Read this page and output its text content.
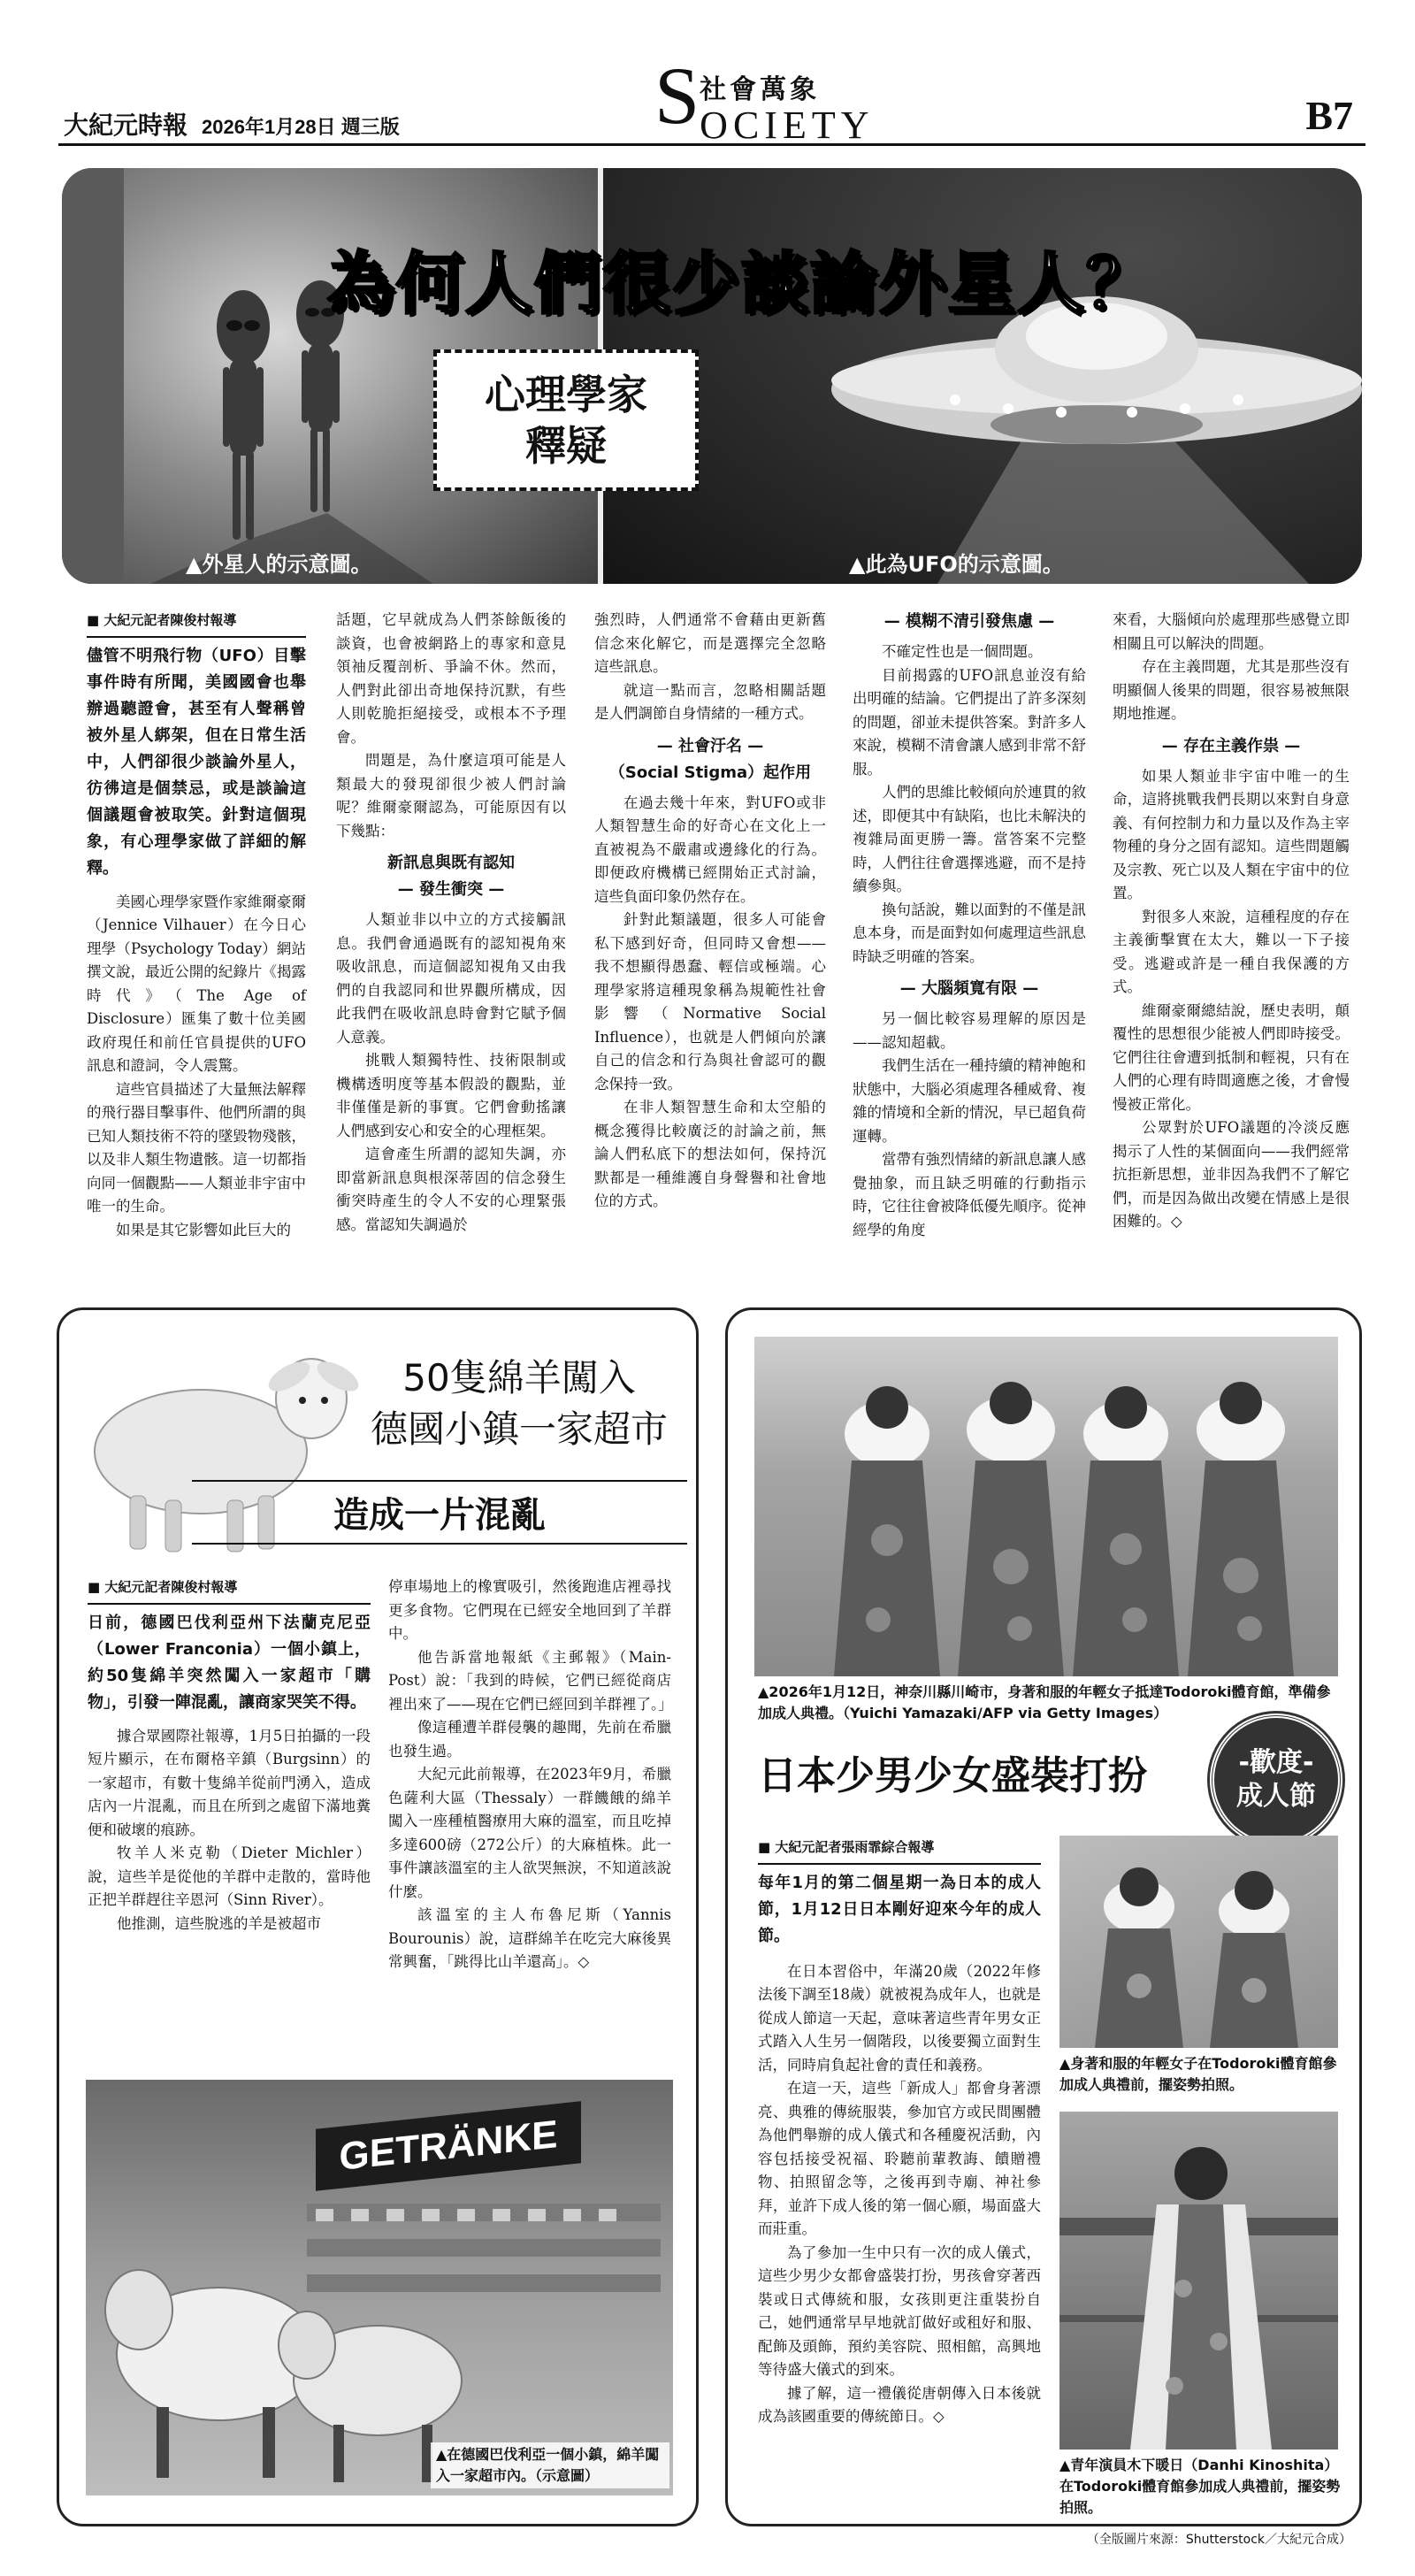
大紀元時報 2026年1月28日 週三版	S 社會萬象
OCIETY	B7
為何人們很少談論外星人？
心理學家
釋疑
▲外星人的示意圖。	▲此為UFO的示意圖。
■ 大紀元記者陳俊村報導
儘管不明飛行物（UFO）目擊事件時有所聞，美國國會也舉辦過聽證會，甚至有人聲稱曾被外星人綁架，但在日常生活中，人們卻很少談論外星人，彷彿這是個禁忌，或是談論這個議題會被取笑。針對這個現象，有心理學家做了詳細的解釋。

美國心理學家暨作家維爾豪爾（Jennice Vilhauer）在今日心理學（Psychology Today）網站撰文說，最近公開的紀錄片《揭露時代》（The Age of Disclosure）匯集了數十位美國政府現任和前任官員提供的UFO訊息和證詞，令人震驚。

這些官員描述了大量無法解釋的飛行器目擊事件、他們所謂的與已知人類技術不符的墜毀物殘骸，以及非人類生物遺骸。這一切都指向同一個觀點——人類並非宇宙中唯一的生命。

如果是其它影響如此巨大的

話題，它早就成為人們茶餘飯後的談資，也會被網路上的專家和意見領袖反覆剖析、爭論不休。然而，人們對此卻出奇地保持沉默，有些人則乾脆拒絕接受，或根本不予理會。

問題是，為什麼這項可能是人類最大的發現卻很少被人們討論呢？維爾豪爾認為，可能原因有以下幾點：

新訊息與既有認知
— 發生衝突 —

人類並非以中立的方式接觸訊息。我們會通過既有的認知視角來吸收訊息，而這個認知視角又由我們的自我認同和世界觀所構成，因此我們在吸收訊息時會對它賦予個人意義。

挑戰人類獨特性、技術限制或機構透明度等基本假設的觀點，並非僅僅是新的事實。它們會動搖讓人們感到安心和安全的心理框架。

這會產生所謂的認知失調，亦即當新訊息與根深蒂固的信念發生衝突時產生的令人不安的心理緊張感。當認知失調過於

強烈時，人們通常不會藉由更新舊信念來化解它，而是選擇完全忽略這些訊息。

就這一點而言，忽略相關話題是人們調節自身情緒的一種方式。

— 社會汙名 —
（Social Stigma）起作用

在過去幾十年來，對UFO或非人類智慧生命的好奇心在文化上一直被視為不嚴肅或邊緣化的行為。即便政府機構已經開始正式討論，這些負面印象仍然存在。

針對此類議題，很多人可能會私下感到好奇，但同時又會想——我不想顯得愚蠢、輕信或極端。心理學家將這種現象稱為規範性社會影響（Normative Social Influence），也就是人們傾向於讓自己的信念和行為與社會認可的觀念保持一致。

在非人類智慧生命和太空船的概念獲得比較廣泛的討論之前，無論人們私底下的想法如何，保持沉默都是一種維護自身聲譽和社會地位的方式。

— 模糊不清引發焦慮 —

不確定性也是一個問題。

目前揭露的UFO訊息並沒有給出明確的結論。它們提出了許多深刻的問題，卻並未提供答案。對許多人來說，模糊不清會讓人感到非常不舒服。

人們的思維比較傾向於連貫的敘述，即便其中有缺陷，也比未解決的複雜局面更勝一籌。當答案不完整時，人們往往會選擇逃避，而不是持續參與。

換句話說，難以面對的不僅是訊息本身，而是面對如何處理這些訊息時缺乏明確的答案。

— 大腦頻寬有限 —

另一個比較容易理解的原因是——認知超載。

我們生活在一種持續的精神飽和狀態中，大腦必須處理各種威脅、複雜的情境和全新的情況，早已超負荷運轉。

當帶有強烈情緒的新訊息讓人感覺抽象，而且缺乏明確的行動指示時，它往往會被降低優先順序。從神經學的角度

來看，大腦傾向於處理那些感覺立即相關且可以解決的問題。

存在主義問題，尤其是那些沒有明顯個人後果的問題，很容易被無限期地推遲。

— 存在主義作祟 —

如果人類並非宇宙中唯一的生命，這將挑戰我們長期以來對自身意義、有何控制力和力量以及作為主宰物種的身分之固有認知。這些問題觸及宗教、死亡以及人類在宇宙中的位置。

對很多人來說，這種程度的存在主義衝擊實在太大，難以一下子接受。逃避或許是一種自我保護的方式。

維爾豪爾總結說，歷史表明，顛覆性的思想很少能被人們即時接受。它們往往會遭到抵制和輕視，只有在人們的心理有時間適應之後，才會慢慢被正常化。

公眾對於UFO議題的冷淡反應揭示了人性的某個面向——我們經常抗拒新思想，並非因為我們不了解它們，而是因為做出改變在情感上是很困難的。◇

50隻綿羊闖入
德國小鎮一家超市
造成一片混亂
■ 大紀元記者陳俊村報導
日前，德國巴伐利亞州下法蘭克尼亞（Lower Franconia）一個小鎮上，約50隻綿羊突然闖入一家超市「購物」，引發一陣混亂，讓商家哭笑不得。

據合眾國際社報導，1月5日拍攝的一段短片顯示，在布爾格辛鎮（Burgsinn）的一家超市，有數十隻綿羊從前門湧入，造成店內一片混亂，而且在所到之處留下滿地糞便和破壞的痕跡。

牧羊人米克勒（Dieter Michler）說，這些羊是從他的羊群中走散的，當時他正把羊群趕往辛恩河（Sinn River）。

他推測，這些脫逃的羊是被超市

停車場地上的橡實吸引，然後跑進店裡尋找更多食物。它們現在已經安全地回到了羊群中。

他告訴當地報紙《主郵報》（Main-Post）說：「我到的時候，它們已經從商店裡出來了——現在它們已經回到羊群裡了。」

像這種遭羊群侵襲的趣聞，先前在希臘也發生過。

大紀元此前報導，在2023年9月，希臘色薩利大區（Thessaly）一群饑餓的綿羊闖入一座種植醫療用大麻的溫室，而且吃掉多達600磅（272公斤）的大麻植株。此一事件讓該溫室的主人欲哭無淚，不知道該說什麼。

該溫室的主人布魯尼斯（Yannis Bourounis）說，這群綿羊在吃完大麻後異常興奮，「跳得比山羊還高」。◇

GETRÄNKE
▲在德國巴伐利亞一個小鎮，綿羊闖入一家超市內。（示意圖）
▲2026年1月12日，神奈川縣川崎市，身著和服的年輕女子抵達Todoroki體育館，準備參加成人典禮。（Yuichi Yamazaki/AFP via Getty Images）
日本少男少女盛裝打扮	-歡度-
成人節
■ 大紀元記者張雨霏綜合報導
每年1月的第二個星期一為日本的成人節，1月12日日本剛好迎來今年的成人節。

在日本習俗中，年滿20歲（2022年修法後下調至18歲）就被視為成年人，也就是從成人節這一天起，意味著這些青年男女正式踏入人生另一個階段，以後要獨立面對生活，同時肩負起社會的責任和義務。

在這一天，這些「新成人」都會身著漂亮、典雅的傳統服裝，參加官方或民間團體為他們舉辦的成人儀式和各種慶祝活動，內容包括接受祝福、聆聽前輩教誨、饋贈禮物、拍照留念等，之後再到寺廟、神社參拜，並許下成人後的第一個心願，場面盛大而莊重。

為了參加一生中只有一次的成人儀式，這些少男少女都會盛裝打扮，男孩會穿著西裝或日式傳統和服，女孩則更注重裝扮自己，她們通常早早地就訂做好或租好和服、配飾及頭飾，預約美容院、照相館，高興地等待盛大儀式的到來。

據了解，這一禮儀從唐朝傳入日本後就成為該國重要的傳統節日。◇

▲身著和服的年輕女子在Todoroki體育館參加成人典禮前，擺姿勢拍照。
▲青年演員木下暖日（Danhi Kinoshita）在Todoroki體育館參加成人典禮前，擺姿勢拍照。
（全版圖片來源：Shutterstock／大紀元合成）
